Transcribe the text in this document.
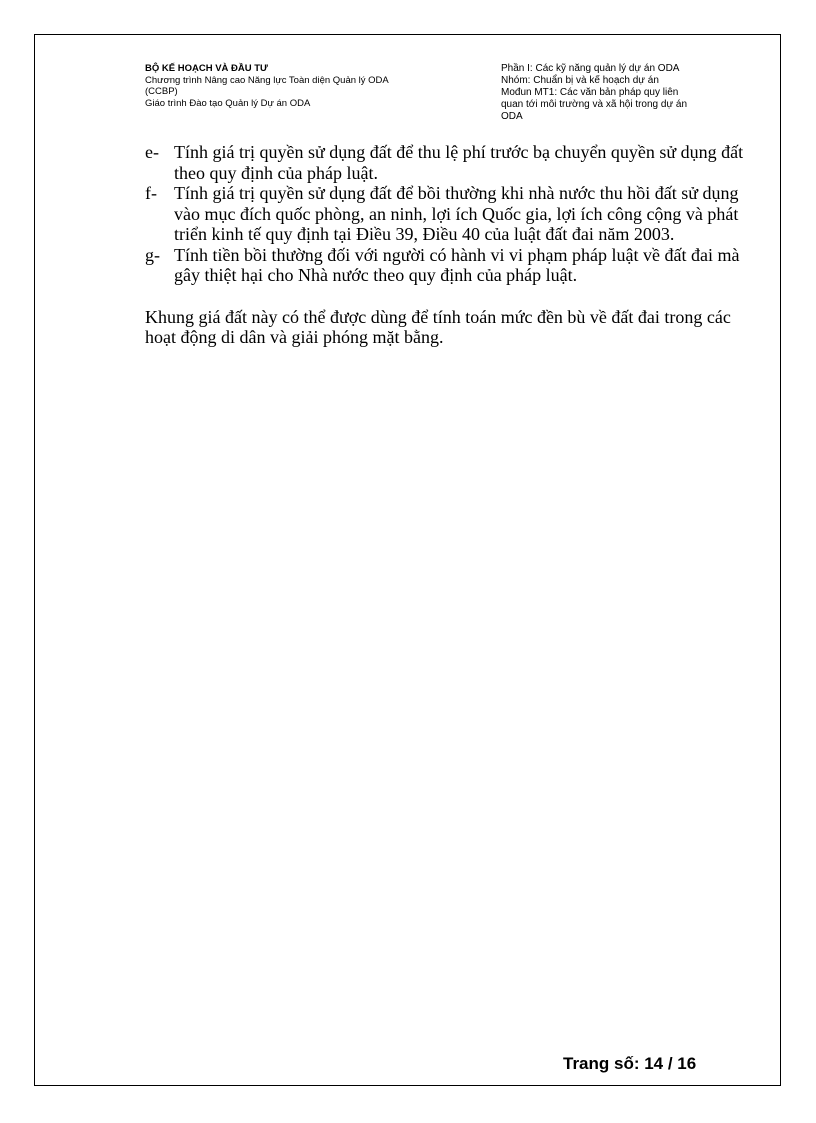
BỘ KẾ HOẠCH VÀ ĐẦU TƯ
Chương trình Nâng cao Năng lực Toàn diện Quản lý ODA
(CCBP)
Giáo trình Đào tạo Quản lý Dự án ODA
Phần I: Các kỹ năng quản lý dự án ODA
Nhóm: Chuẩn bị và kế hoạch dự án
Mođun MT1: Các văn bản pháp quy liên
quan tới môi trường và xã hội trong dự án
ODA
e- Tính giá trị quyền sử dụng đất để thu lệ phí trước bạ chuyển quyền sử dụng đất theo quy định của pháp luật.
f- Tính giá trị quyền sử dụng đất để bồi thường khi nhà nước thu hồi đất sử dụng vào mục đích quốc phòng, an ninh, lợi ích Quốc gia, lợi ích công cộng và phát triển kinh tế quy định tại Điều 39, Điều 40 của luật đất đai năm 2003.
g- Tính tiền bồi thường đối với người có hành vi vi phạm pháp luật về đất đai mà gây thiệt hại cho Nhà nước theo quy định của pháp luật.

Khung giá đất này có thể được dùng để tính toán mức đền bù về đất đai trong các hoạt động di dân và giải phóng mặt bằng.

Trang số: 14 / 16
